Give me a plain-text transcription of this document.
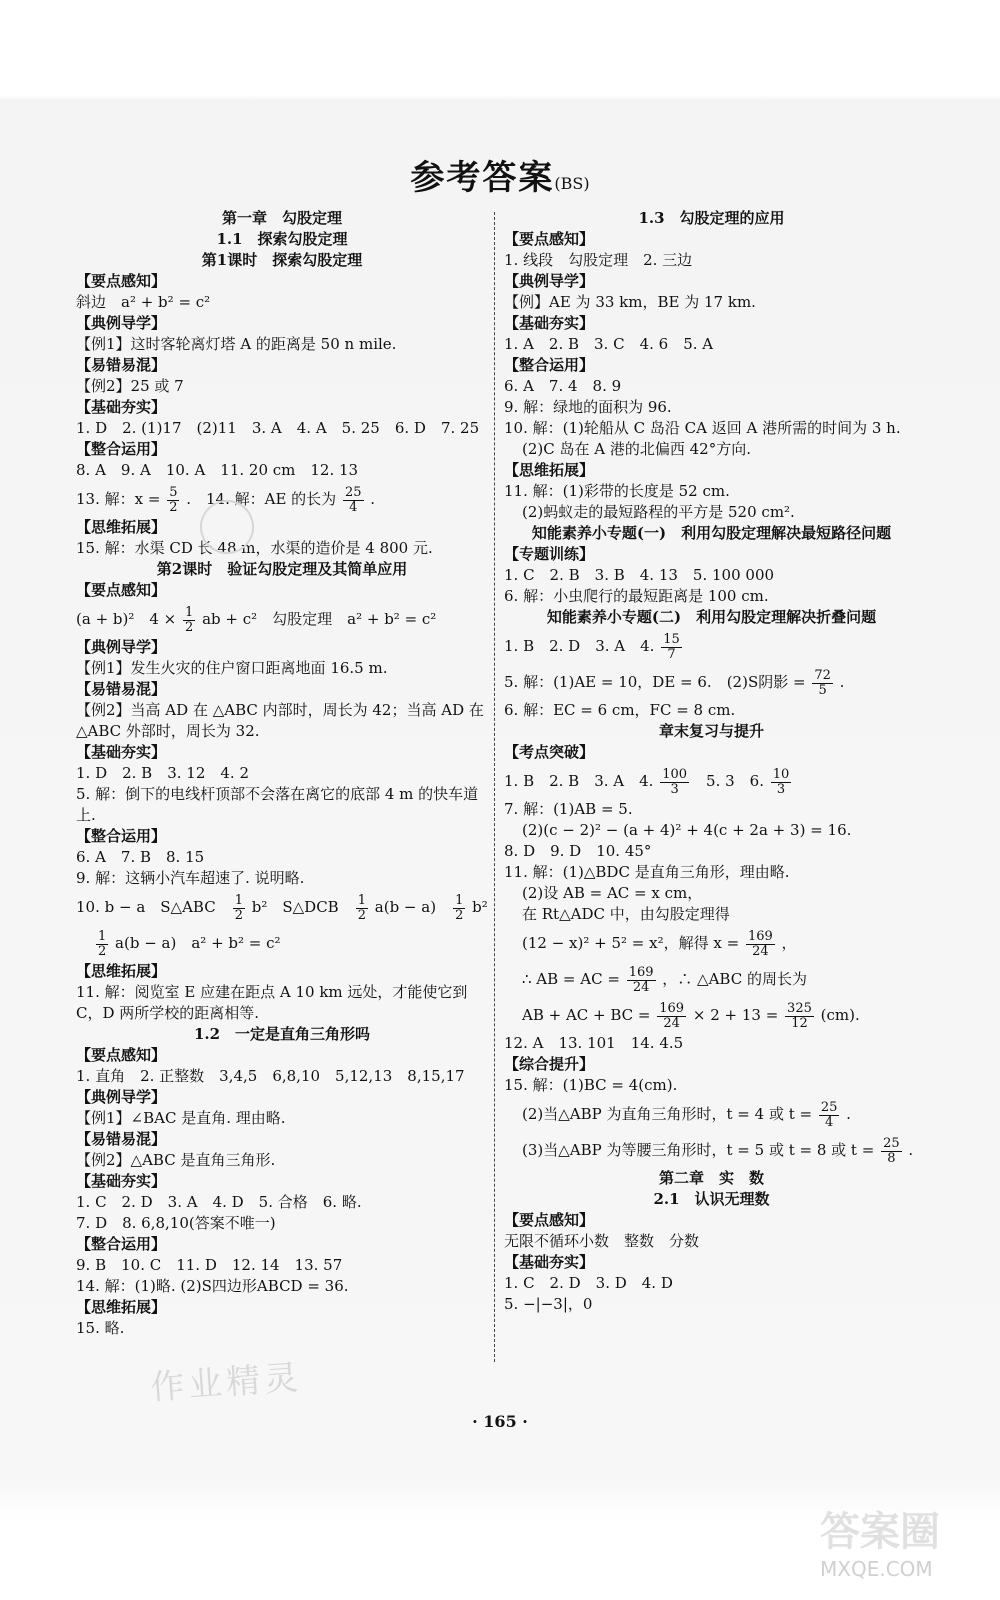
参考答案(BS)
第一章　勾股定理
1.1　探索勾股定理
第1课时　探索勾股定理
【要点感知】
斜边　a² + b² = c²
【典例导学】
【例1】这时客轮离灯塔 A 的距离是 50 n mile.
【易错易混】
【例2】25 或 7
【基础夯实】
1. D　2. (1)17　(2)11　3. A　4. A　5. 25　6. D　7. 25
【整合运用】
8. A　9. A　10. A　11. 20 cm　12. 13
13. 解：$x = \frac{5}{2}$ .　14. 解：AE 的长为 $\frac{25}{4}$ .
【思维拓展】
15. 解：水渠 CD 长 48 m，水渠的造价是 4 800 元.
第2课时　验证勾股定理及其简单应用
【要点感知】
(a + b)²　$4 \times \frac{1}{2}$ ab + c²　勾股定理　a² + b² = c²
【典例导学】
【例1】发生火灾的住户窗口距离地面 16.5 m.
【易错易混】
【例2】当高 AD 在 △ABC 内部时，周长为 42；当高 AD 在 △ABC 外部时，周长为 32.
【基础夯实】
1. D　2. B　3. 12　4. 2
5. 解：倒下的电线杆顶部不会落在离它的底部 4 m 的快车道上.
【整合运用】
6. A　7. B　8. 15
9. 解：这辆小汽车超速了. 说明略.
10. b − a　S△ABC　 $\frac{1}{2} b^2$　S△DCB　 $\frac{1}{2} a(b - a)$　 $\frac{1}{2} b^2$
$\frac{1}{2} a(b - a)$　a² + b² = c²
【思维拓展】
11. 解：阅览室 E 应建在距点 A 10 km 远处，才能使它到 C，D 两所学校的距离相等.
1.2　一定是直角三角形吗
【要点感知】
1. 直角　2. 正整数　3,4,5　6,8,10　5,12,13　8,15,17
【典例导学】
【例1】∠BAC 是直角. 理由略.
【易错易混】
【例2】△ABC 是直角三角形.
【基础夯实】
1. C　2. D　3. A　4. D　5. 合格　6. 略.
7. D　8. 6,8,10(答案不唯一)
【整合运用】
9. B　10. C　11. D　12. 14　13. 57
14. 解：(1)略. (2)S四边形ABCD = 36.
【思维拓展】
15. 略.
1.3　勾股定理的应用
【要点感知】
1. 线段　勾股定理　2. 三边
【典例导学】
【例】AE 为 33 km，BE 为 17 km.
【基础夯实】
1. A　2. B　3. C　4. 6　5. A
【整合运用】
6. A　7. 4　8. 9
9. 解：绿地的面积为 96.
10. 解：(1)轮船从 C 岛沿 CA 返回 A 港所需的时间为 3 h.
(2)C 岛在 A 港的北偏西 42°方向.
【思维拓展】
11. 解：(1)彩带的长度是 52 cm.
(2)蚂蚁走的最短路程的平方是 520 cm².
知能素养小专题(一)　利用勾股定理解决最短路径问题
【专题训练】
1. C　2. B　3. B　4. 13　5. 100 000
6. 解：小虫爬行的最短距离是 100 cm.
知能素养小专题(二)　利用勾股定理解决折叠问题
1. B　2. D　3. A　4. $\frac{15}{7}$
5. 解：(1)AE = 10，DE = 6.　(2)S阴影 = $\frac{72}{5}$ .
6. 解：EC = 6 cm，FC = 8 cm.
章末复习与提升
【考点突破】
1. B　2. B　3. A　4. $\frac{100}{3}$ 　5. 3　6. $\frac{10}{3}$
7. 解：(1)AB = 5.
(2)(c − 2)² − (a + 4)² + 4(c + 2a + 3) = 16.
8. D　9. D　10. 45°
11. 解：(1)△BDC 是直角三角形，理由略.
(2)设 AB = AC = x cm，
在 Rt△ADC 中，由勾股定理得
(12 − x)² + 5² = x²，解得 $x = \frac{169}{24}$ ，
∴ AB = AC = $\frac{169}{24}$ ，∴ △ABC 的周长为
AB + AC + BC = $\frac{169}{24} \times 2 + 13 = \frac{325}{12} (cm)$.
12. A　13. 101　14. 4.5
【综合提升】
15. 解：(1)BC = 4(cm).
(2)当△ABP 为直角三角形时，t = 4 或 $t = \frac{25}{4}$ .
(3)当△ABP 为等腰三角形时，t = 5 或 t = 8 或 $t = \frac{25}{8}$ .
第二章　实　数
2.1　认识无理数
【要点感知】
无限不循环小数　整数　分数
【基础夯实】
1. C　2. D　3. D　4. D
5. −|−3|，0
· 165 ·
作业精灵
答案圈
MXQE.COM
